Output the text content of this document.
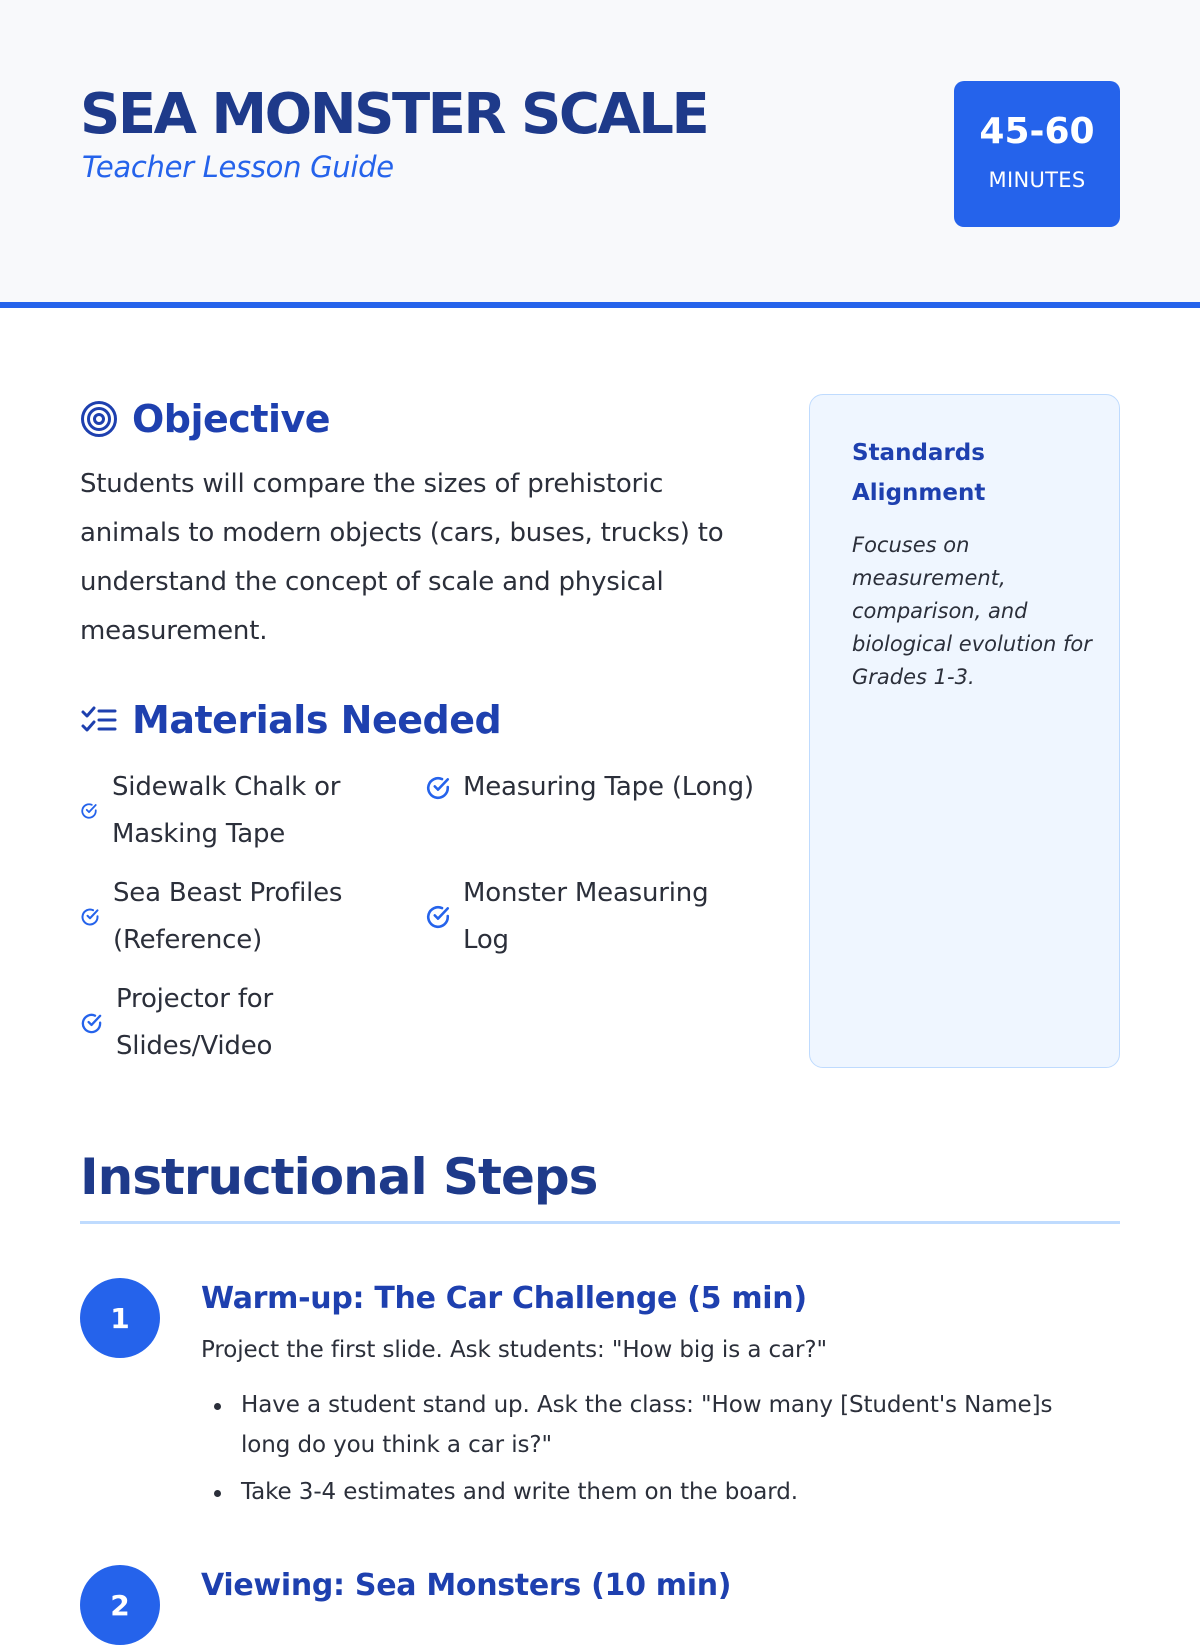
SEA MONSTER SCALE
Teacher Lesson Guide
45-60
MINUTES
Objective
Students will compare the sizes of prehistoric animals to modern objects (cars, buses, trucks) to understand the concept of scale and physical measurement.
Materials Needed
Sidewalk Chalk or Masking Tape
Measuring Tape (Long)
Sea Beast Profiles (Reference)
Monster Measuring Log
Projector for Slides/Video
Standards Alignment
Focuses on measurement, comparison, and biological evolution for Grades 1-3.
Instructional Steps
1
Warm-up: The Car Challenge (5 min)
Project the first slide. Ask students: "How big is a car?"
Have a student stand up. Ask the class: "How many [Student's Name]s long do you think a car is?"
Take 3-4 estimates and write them on the board.
2
Viewing: Sea Monsters (10 min)
